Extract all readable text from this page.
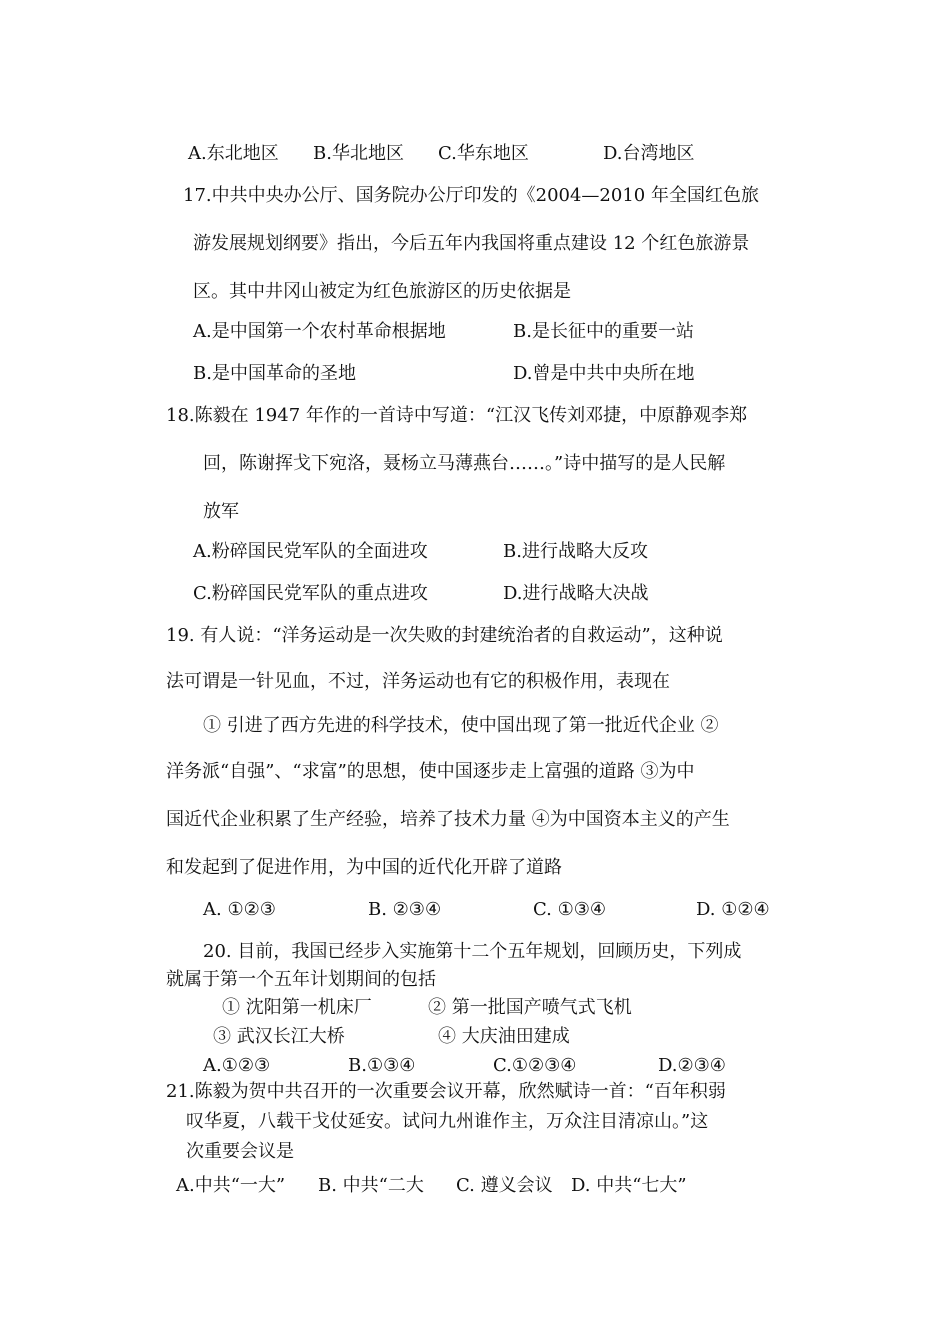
A.东北地区 B.华北地区 C.华东地区	D.台湾地区
17.中共中央办公厅、国务院办公厅印发的《2004—2010 年全国红色旅
游发展规划纲要》指出，今后五年内我国将重点建设 12 个红色旅游景
区。其中井冈山被定为红色旅游区的历史依据是
A.是中国第一个农村革命根据地	B.是长征中的重要一站
B.是中国革命的圣地	D.曾是中共中央所在地
18.陈毅在 1947 年作的一首诗中写道：“江汉飞传刘邓捷，中原静观李郑
回，陈谢挥戈下宛洛，聂杨立马薄燕台……。”诗中描写的是人民解
放军
A.粉碎国民党军队的全面进攻	B.进行战略大反攻
C.粉碎国民党军队的重点进攻	D.进行战略大决战
19. 有人说：“洋务运动是一次失败的封建统治者的自救运动”，这种说
法可谓是一针见血，不过，洋务运动也有它的积极作用，表现在
① 引进了西方先进的科学技术，使中国出现了第一批近代企业 ②
洋务派“自强”、“求富”的思想，使中国逐步走上富强的道路 ③为中
国近代企业积累了生产经验，培养了技术力量 ④为中国资本主义的产生
和发起到了促进作用，为中国的近代化开辟了道路
A. ①②③	B. ②③④	C. ①③④	D. ①②④
20. 目前，我国已经步入实施第十二个五年规划，回顾历史，下列成
就属于第一个五年计划期间的包括
① 沈阳第一机床厂	② 第一批国产喷气式飞机
③ 武汉长江大桥	④ 大庆油田建成
A.①②③	B.①③④	C.①②③④	D.②③④
21.陈毅为贺中共召开的一次重要会议开幕，欣然赋诗一首：“百年积弱
叹华夏，八载干戈仗延安。试问九州谁作主，万众注目清凉山。”这
次重要会议是
A.中共“一大” B. 中共“二大 C. 遵义会议 D. 中共“七大”
